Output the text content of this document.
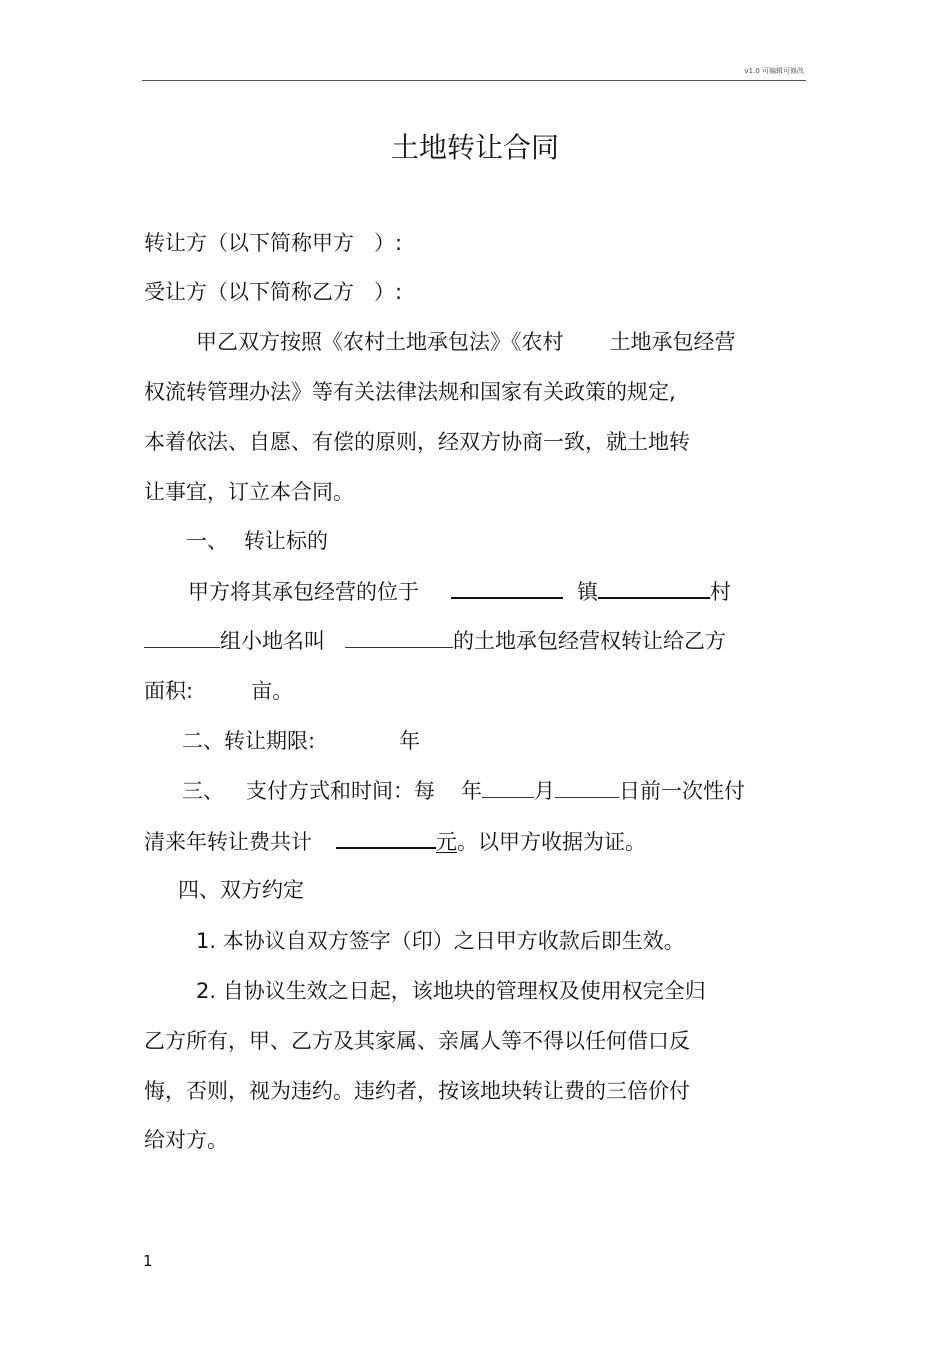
v1.0 可编辑可修改
土地转让合同
转让方（以下简称甲方   ）:
受让方（以下简称乙方   ）:
甲乙双方按照《农村土地承包法》《农村 土地承包经营
权流转管理办法》等有关法律法规和国家有关政策的规定,
本着依法、自愿、有偿的原则，经双方协商一致，就土地转
让事宜，订立本合同。
一、 转让标的
甲方将其承包经营的位于	镇	村
组小地名叫	的土地承包经营权转让给乙方
面积:	亩。
二、转让期限:	年
三、 支付方式和时间：每 年 月	日前一次性付
清来年转让费共计	元。以甲方收据为证。
四、双方约定
1. 本协议自双方签字（印）之日甲方收款后即生效。
2. 自协议生效之日起，该地块的管理权及使用权完全归
乙方所有，甲、乙方及其家属、亲属人等不得以任何借口反
悔，否则，视为违约。违约者，按该地块转让费的三倍价付
给对方。
1
